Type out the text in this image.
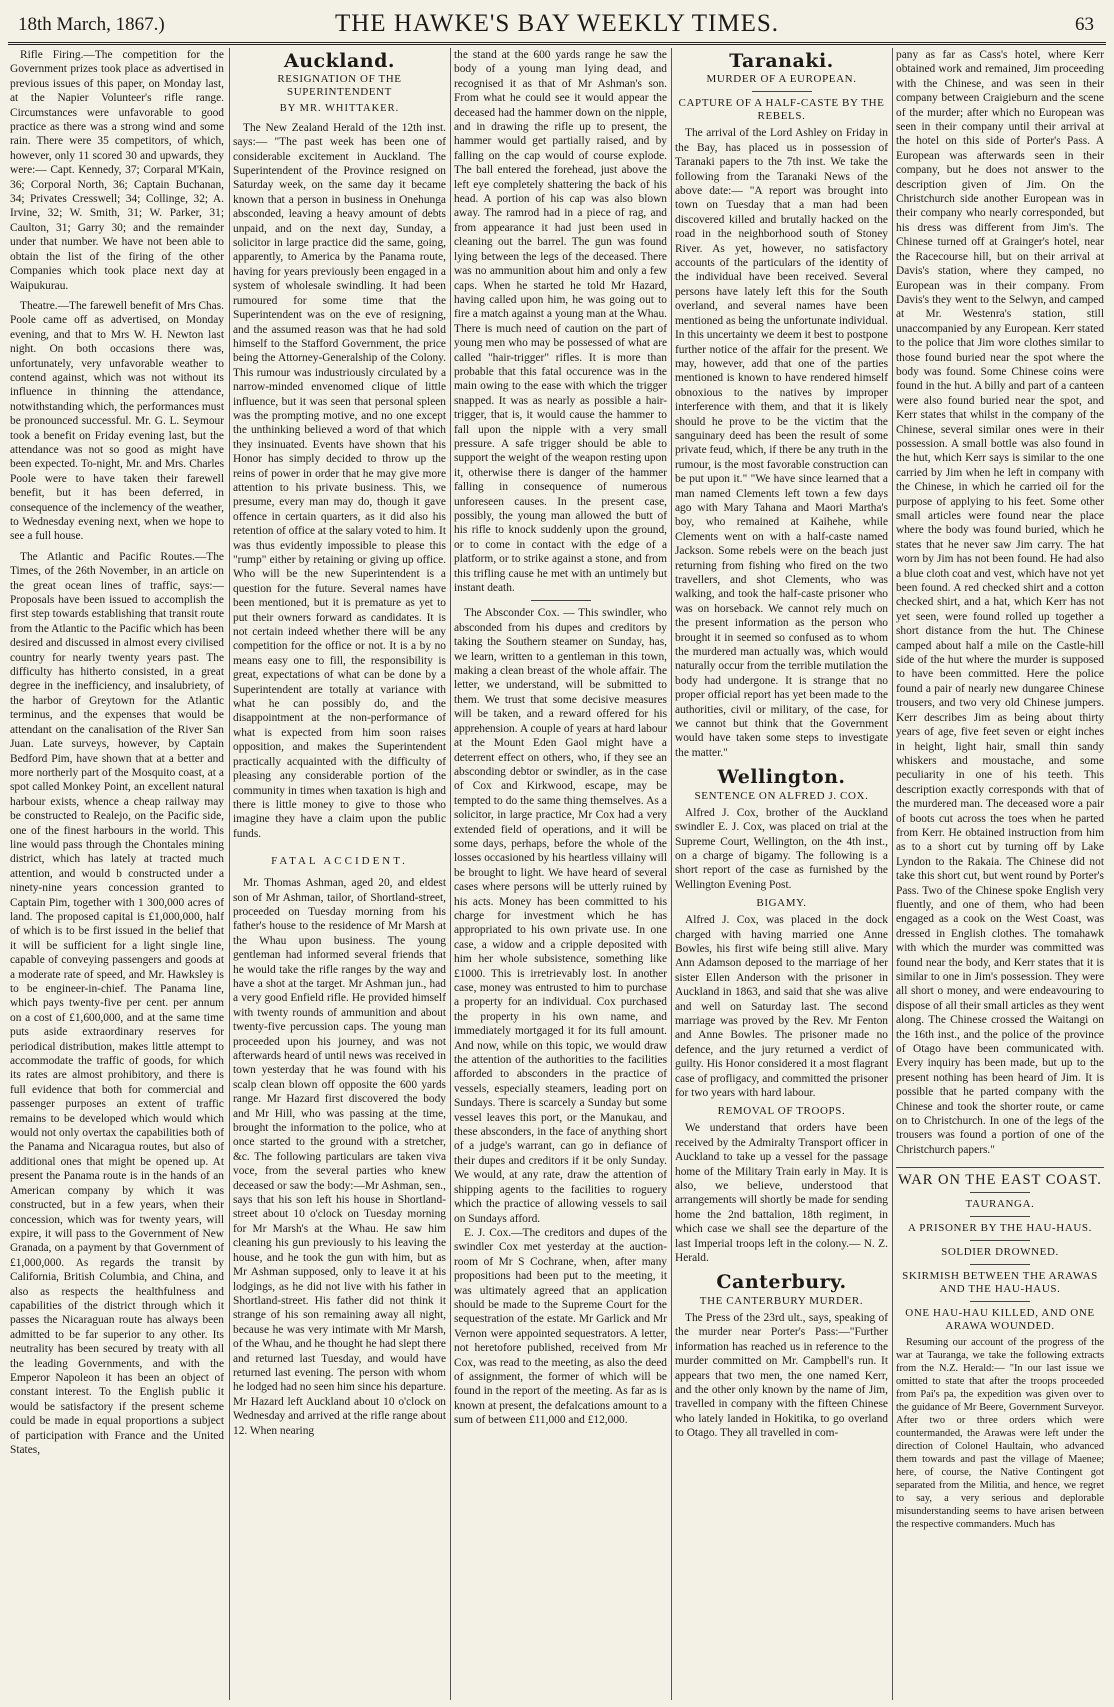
18th March, 1867.)	THE HAWKE'S BAY WEEKLY TIMES.	63

Rifle Firing.—The competition for the Government prizes took place as advertised in previous issues of this paper, on Monday last, at the Napier Volunteer's rifle range. Circumstances were unfavorable to good practice as there was a strong wind and some rain. There were 35 competitors, of which, however, only 11 scored 30 and upwards, they were:— Capt. Kennedy, 37; Corparal M'Kain, 36; Corporal North, 36; Captain Buchanan, 34; Privates Cresswell; 34; Collinge, 32; A. Irvine, 32; W. Smith, 31; W. Parker, 31; Caulton, 31; Garry 30; and the remainder under that number. We have not been able to obtain the list of the firing of the other Companies which took place next day at Waipukurau.

Theatre.—The farewell benefit of Mrs Chas. Poole came off as advertised, on Monday evening, and that to Mrs W. H. Newton last night. On both occasions there was, unfortunately, very unfavorable weather to contend against, which was not without its influence in thinning the attendance, notwithstanding which, the performances must be pronounced successful. Mr. G. L. Seymour took a benefit on Friday evening last, but the attendance was not so good as might have been expected. To-night, Mr. and Mrs. Charles Poole were to have taken their farewell benefit, but it has been deferred, in consequence of the inclemency of the weather, to Wednesday evening next, when we hope to see a full house.

The Atlantic and Pacific Routes.—The Times, of the 26th November, in an article on the great ocean lines of traffic, says:—Proposals have been issued to accomplish the first step towards establishing that transit route from the Atlantic to the Pacific which has been desired and discussed in almost every civilised country for nearly twenty years past. The difficulty has hitherto consisted, in a great degree in the inefficiency, and insalubriety, of the harbor of Greytown for the Atlantic terminus, and the expenses that would be attendant on the canalisation of the River San Juan. Late surveys, however, by Captain Bedford Pim, have shown that at a better and more northerly part of the Mosquito coast, at a spot called Monkey Point, an excellent natural harbour exists, whence a cheap railway may be constructed to Realejo, on the Pacific side, one of the finest harbours in the world. This line would pass through the Chontales mining district, which has lately at tracted much attention, and would b constructed under a ninety-nine years concession granted to Captain Pim, together with 1 300,000 acres of land. The proposed capital is £1,000,000, half of which is to be first issued in the belief that it will be sufficient for a light single line, capable of conveying passengers and goods at a moderate rate of speed, and Mr. Hawksley is to be engineer-in-chief. The Panama line, which pays twenty-five per cent. per annum on a cost of £1,600,000, and at the same time puts aside extraordinary reserves for periodical distribution, makes little attempt to accommodate the traffic of goods, for which its rates are almost prohibitory, and there is full evidence that both for commercial and passenger purposes an extent of traffic remains to be developed which would which would not only overtax the capabilities both of the Panama and Nicaragua routes, but also of additional ones that might be opened up. At present the Panama route is in the hands of an American company by which it was constructed, but in a few years, when their concession, which was for twenty years, will expire, it will pass to the Government of New Granada, on a payment by that Government of £1,000,000. As regards the transit by California, British Columbia, and China, and also as respects the healthfulness and capabilities of the district through which it passes the Nicaraguan route has always been admitted to be far superior to any other. Its neutrality has been secured by treaty with all the leading Governments, and with the Emperor Napoleon it has been an object of constant interest. To the English public it would be satisfactory if the present scheme could be made in equal proportions a subject of participation with France and the United States,

Auckland.
RESIGNATION OF THE SUPERINTENDENT
BY MR. WHITTAKER.

The New Zealand Herald of the 12th inst. says:— "The past week has been one of considerable excitement in Auckland. The Superintendent of the Province resigned on Saturday week, on the same day it became known that a person in business in Onehunga absconded, leaving a heavy amount of debts unpaid, and on the next day, Sunday, a solicitor in large practice did the same, going, apparently, to America by the Panama route, having for years previously been engaged in a system of wholesale swindling. It had been rumoured for some time that the Superintendent was on the eve of resigning, and the assumed reason was that he had sold himself to the Stafford Government, the price being the Attorney-Generalship of the Colony. This rumour was industriously circulated by a narrow-minded envenomed clique of little influence, but it was seen that personal spleen was the prompting motive, and no one except the unthinking believed a word of that which they insinuated. Events have shown that his Honor has simply decided to throw up the reins of power in order that he may give more attention to his private business. This, we presume, every man may do, though it gave offence in certain quarters, as it did also his retention of office at the salary voted to him. It was thus evidently impossible to please this "rump" either by retaining or giving up office. Who will be the new Superintendent is a question for the future. Several names have been mentioned, but it is premature as yet to put their owners forward as candidates. It is not certain indeed whether there will be any competition for the office or not. It is a by no means easy one to fill, the responsibility is great, expectations of what can be done by a Superintendent are totally at variance with what he can possibly do, and the disappointment at the non-performance of what is expected from him soon raises opposition, and makes the Superintendent practically acquainted with the difficulty of pleasing any considerable portion of the community in times when taxation is high and there is little money to give to those who imagine they have a claim upon the public funds.

FATAL ACCIDENT.

Mr. Thomas Ashman, aged 20, and eldest son of Mr Ashman, tailor, of Shortland-street, proceeded on Tuesday morning from his father's house to the residence of Mr Marsh at the Whau upon business. The young gentleman had informed several friends that he would take the rifle ranges by the way and have a shot at the target. Mr Ashman jun., had a very good Enfield rifle. He provided himself with twenty rounds of ammunition and about twenty-five percussion caps. The young man proceeded upon his journey, and was not afterwards heard of until news was received in town yesterday that he was found with his scalp clean blown off opposite the 600 yards range. Mr Hazard first discovered the body and Mr Hill, who was passing at the time, brought the information to the police, who at once started to the ground with a stretcher, &c. The following particulars are taken viva voce, from the several parties who knew deceased or saw the body:—Mr Ashman, sen., says that his son left his house in Shortland-street about 10 o'clock on Tuesday morning for Mr Marsh's at the Whau. He saw him cleaning his gun previously to his leaving the house, and he took the gun with him, but as Mr Ashman supposed, only to leave it at his lodgings, as he did not live with his father in Shortland-street. His father did not think it strange of his son remaining away all night, because he was very intimate with Mr Marsh, of the Whau, and he thought he had slept there and returned last Tuesday, and would have returned last evening. The person with whom he lodged had no seen him since his departure. Mr Hazard left Auckland about 10 o'clock on Wednesday and arrived at the rifle range about 12. When nearing

the stand at the 600 yards range he saw the body of a young man lying dead, and recognised it as that of Mr Ashman's son. From what he could see it would appear the deceased had the hammer down on the nipple, and in drawing the rifle up to present, the hammer would get partially raised, and by falling on the cap would of course explode. The ball entered the forehead, just above the left eye completely shattering the back of his head. A portion of his cap was also blown away. The ramrod had in a piece of rag, and from appearance it had just been used in cleaning out the barrel. The gun was found lying between the legs of the deceased. There was no ammunition about him and only a few caps. When he started he told Mr Hazard, having called upon him, he was going out to fire a match against a young man at the Whau. There is much need of caution on the part of young men who may be possessed of what are called "hair-trigger" rifles. It is more than probable that this fatal occurence was in the main owing to the ease with which the trigger snapped. It was as nearly as possible a hair-trigger, that is, it would cause the hammer to fall upon the nipple with a very small pressure. A safe trigger should be able to support the weight of the weapon resting upon it, otherwise there is danger of the hammer falling in consequence of numerous unforeseen causes. In the present case, possibly, the young man allowed the butt of his rifle to knock suddenly upon the ground, or to come in contact with the edge of a platform, or to strike against a stone, and from this trifling cause he met with an untimely but instant death.

The Absconder Cox. — This swindler, who absconded from his dupes and creditors by taking the Southern steamer on Sunday, has, we learn, written to a gentleman in this town, making a clean breast of the whole affair. The letter, we understand, will be submitted to them. We trust that some decisive measures will be taken, and a reward offered for his apprehension. A couple of years at hard labour at the Mount Eden Gaol might have a deterrent effect on others, who, if they see an absconding debtor or swindler, as in the case of Cox and Kirkwood, escape, may be tempted to do the same thing themselves. As a solicitor, in large practice, Mr Cox had a very extended field of operations, and it will be some days, perhaps, before the whole of the losses occasioned by his heartless villainy will be brought to light. We have heard of several cases where persons will be utterly ruined by his acts. Money has been committed to his charge for investment which he has appropriated to his own private use. In one case, a widow and a cripple deposited with him her whole subsistence, something like £1000. This is irretrievably lost. In another case, money was entrusted to him to purchase a property for an individual. Cox purchased the property in his own name, and immediately mortgaged it for its full amount. And now, while on this topic, we would draw the attention of the authorities to the facilities afforded to absconders in the practice of vessels, especially steamers, leading port on Sundays. There is scarcely a Sunday but some vessel leaves this port, or the Manukau, and these absconders, in the face of anything short of a judge's warrant, can go in defiance of their dupes and creditors if it be only Sunday. We would, at any rate, draw the attention of shipping agents to the facilities to roguery which the practice of allowing vessels to sail on Sundays afford.

E. J. Cox.—The creditors and dupes of the swindler Cox met yesterday at the auction-room of Mr S Cochrane, when, after many propositions had been put to the meeting, it was ultimately agreed that an application should be made to the Supreme Court for the sequestration of the estate. Mr Garlick and Mr Vernon were appointed sequestrators. A letter, not heretofore published, received from Mr Cox, was read to the meeting, as also the deed of assignment, the former of which will be found in the report of the meeting. As far as is known at present, the defalcations amount to a sum of between £11,000 and £12,000.

Taranaki.
MURDER OF A EUROPEAN.
CAPTURE OF A HALF-CASTE BY THE REBELS.

The arrival of the Lord Ashley on Friday in the Bay, has placed us in possession of Taranaki papers to the 7th inst. We take the following from the Taranaki News of the above date:— "A report was brought into town on Tuesday that a man had been discovered killed and brutally hacked on the road in the neighborhood south of Stoney River. As yet, however, no satisfactory accounts of the particulars of the identity of the individual have been received. Several persons have lately left this for the South overland, and several names have been mentioned as being the unfortunate individual. In this uncertainty we deem it best to postpone further notice of the affair for the present. We may, however, add that one of the parties mentioned is known to have rendered himself obnoxious to the natives by improper interference with them, and that it is likely should he prove to be the victim that the sanguinary deed has been the result of some private feud, which, if there be any truth in the rumour, is the most favorable construction can be put upon it." "We have since learned that a man named Clements left town a few days ago with Mary Tahana and Maori Martha's boy, who remained at Kaihehe, while Clements went on with a half-caste named Jackson. Some rebels were on the beach just returning from fishing who fired on the two travellers, and shot Clements, who was walking, and took the half-caste prisoner who was on horseback. We cannot rely much on the present information as the person who brought it in seemed so confused as to whom the murdered man actually was, which would naturally occur from the terrible mutilation the body had undergone. It is strange that no proper official report has yet been made to the authorities, civil or military, of the case, for we cannot but think that the Government would have taken some steps to investigate the matter."

Wellington.
SENTENCE ON ALFRED J. COX.

Alfred J. Cox, brother of the Auckland swindler E. J. Cox, was placed on trial at the Supreme Court, Wellington, on the 4th inst., on a charge of bigamy. The following is a short report of the case as furnished by the Wellington Evening Post.

BIGAMY.

Alfred J. Cox, was placed in the dock charged with having married one Anne Bowles, his first wife being still alive. Mary Ann Adamson deposed to the marriage of her sister Ellen Anderson with the prisoner in Auckland in 1863, and said that she was alive and well on Saturday last. The second marriage was proved by the Rev. Mr Fenton and Anne Bowles. The prisoner made no defence, and the jury returned a verdict of guilty. His Honor considered it a most flagrant case of profligacy, and committed the prisoner for two years with hard labour.

REMOVAL OF TROOPS.

We understand that orders have been received by the Admiralty Transport officer in Auckland to take up a vessel for the passage home of the Military Train early in May. It is also, we believe, understood that arrangements will shortly be made for sending home the 2nd battalion, 18th regiment, in which case we shall see the departure of the last Imperial troops left in the colony.— N. Z. Herald.

Canterbury.
THE CANTERBURY MURDER.

The Press of the 23rd ult., says, speaking of the murder near Porter's Pass:—"Further information has reached us in reference to the murder committed on Mr. Campbell's run. It appears that two men, the one named Kerr, and the other only known by the name of Jim, travelled in company with the fifteen Chinese who lately landed in Hokitika, to go overland to Otago. They all travelled in com-

pany as far as Cass's hotel, where Kerr obtained work and remained, Jim proceeding with the Chinese, and was seen in their company between Craigieburn and the scene of the murder; after which no European was seen in their company until their arrival at the hotel on this side of Porter's Pass. A European was afterwards seen in their company, but he does not answer to the description given of Jim. On the Christchurch side another European was in their company who nearly corresponded, but his dress was different from Jim's. The Chinese turned off at Grainger's hotel, near the Racecourse hill, but on their arrival at Davis's station, where they camped, no European was in their company. From Davis's they went to the Selwyn, and camped at Mr. Westenra's station, still unaccompanied by any European. Kerr stated to the police that Jim wore clothes similar to those found buried near the spot where the body was found. Some Chinese coins were found in the hut. A billy and part of a canteen were also found buried near the spot, and Kerr states that whilst in the company of the Chinese, several similar ones were in their possession. A small bottle was also found in the hut, which Kerr says is similar to the one carried by Jim when he left in company with the Chinese, in which he carried oil for the purpose of applying to his feet. Some other small articles were found near the place where the body was found buried, which he states that he never saw Jim carry. The hat worn by Jim has not been found. He had also a blue cloth coat and vest, which have not yet been found. A red checked shirt and a cotton checked shirt, and a hat, which Kerr has not yet seen, were found rolled up together a short distance from the hut. The Chinese camped about half a mile on the Castle-hill side of the hut where the murder is supposed to have been committed. Here the police found a pair of nearly new dungaree Chinese trousers, and two very old Chinese jumpers. Kerr describes Jim as being about thirty years of age, five feet seven or eight inches in height, light hair, small thin sandy whiskers and moustache, and some peculiarity in one of his teeth. This description exactly corresponds with that of the murdered man. The deceased wore a pair of boots cut across the toes when he parted from Kerr. He obtained instruction from him as to a short cut by turning off by Lake Lyndon to the Rakaia. The Chinese did not take this short cut, but went round by Porter's Pass. Two of the Chinese spoke English very fluently, and one of them, who had been engaged as a cook on the West Coast, was dressed in English clothes. The tomahawk with which the murder was committed was found near the body, and Kerr states that it is similar to one in Jim's possession. They were all short o money, and were endeavouring to dispose of all their small articles as they went along. The Chinese crossed the Waitangi on the 16th inst., and the police of the province of Otago have been communicated with. Every inquiry has been made, but up to the present nothing has been heard of Jim. It is possible that he parted company with the Chinese and took the shorter route, or came on to Christchurch. In one of the legs of the trousers was found a portion of one of the Christchurch papers."

WAR ON THE EAST COAST.
TAURANGA.
A PRISONER BY THE HAU-HAUS.
SOLDIER DROWNED.
SKIRMISH BETWEEN THE ARAWAS AND THE HAU-HAUS.
ONE HAU-HAU KILLED, AND ONE ARAWA WOUNDED.

Resuming our account of the progress of the war at Tauranga, we take the following extracts from the N.Z. Herald:— "In our last issue we omitted to state that after the troops proceeded from Pai's pa, the expedition was given over to the guidance of Mr Beere, Government Surveyor. After two or three orders which were countermanded, the Arawas were left under the direction of Colonel Haultain, who advanced them towards and past the village of Maenee; here, of course, the Native Contingent got separated from the Militia, and hence, we regret to say, a very serious and deplorable misunderstanding seems to have arisen between the respective commanders. Much has
